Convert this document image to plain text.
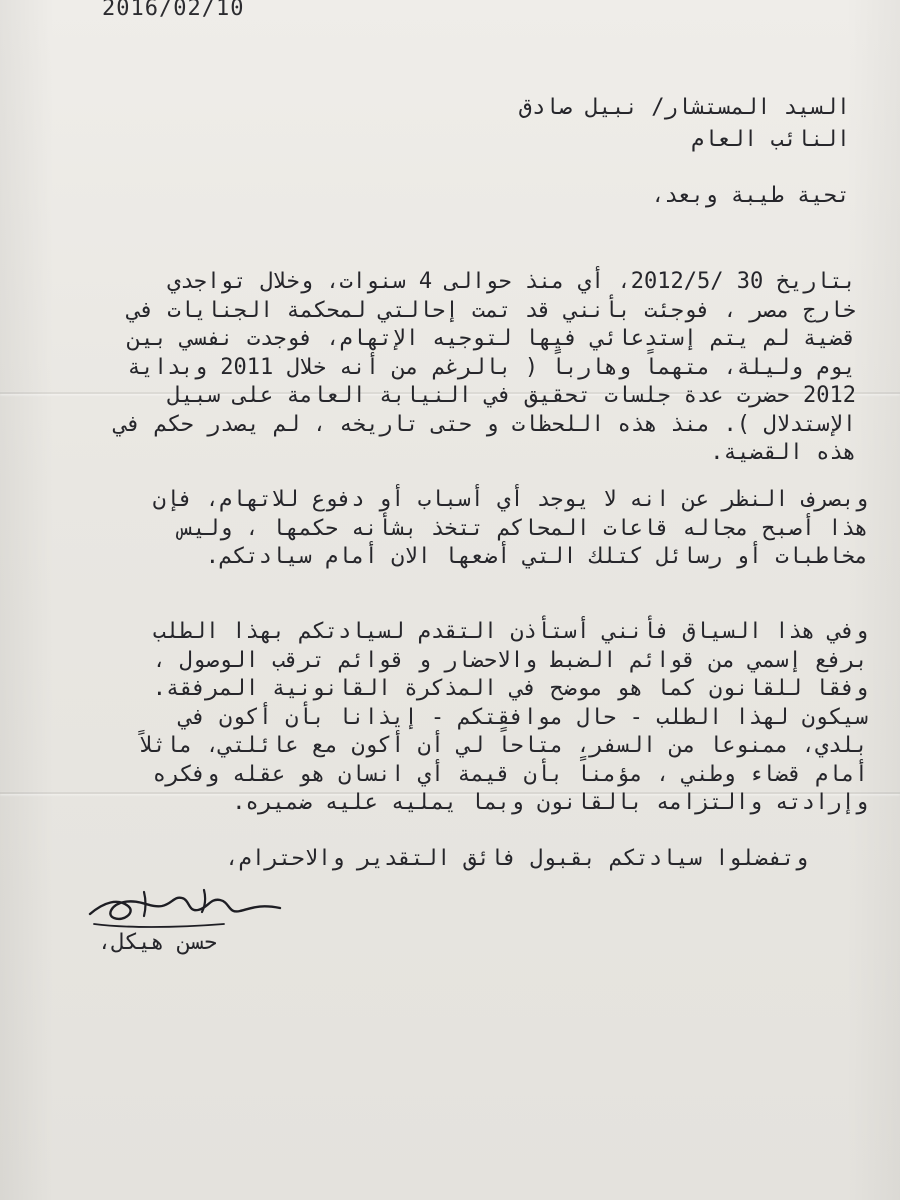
2016/02/10
السيد المستشار/ نبيل صادق
النائب العام
تحية طيبة وبعد،
بتاريخ 30 /2012/5، أي منذ حوالى 4 سنوات، وخلال تواجدي
خارج مصر ، فوجئت بأنني قد تمت إحالتي لمحكمة الجنايات في
قضية لم يتم إستدعائي فيها لتوجيه الإتهام، فوجدت نفسي بين
يوم وليلة، متهماً وهارباً ( بالرغم من أنه خلال 2011 وبداية
2012 حضرت عدة جلسات تحقيق في النيابة العامة على سبيل
الإستدلال ). منذ هذه اللحظات و حتى تاريخه ، لم يصدر حكم في
هذه القضية.
وبصرف النظر عن انه لا يوجد أي أسباب أو دفوع للاتهام، فإن
هذا أصبح مجاله قاعات المحاكم تتخذ بشأنه حكمها ، وليس
مخاطبات أو رسائل كتلك التي أضعها الان أمام سيادتكم.
وفي هذا السياق فأنني أستأذن التقدم لسيادتكم بهذا الطلب
برفع إسمي من قوائم الضبط والاحضار و قوائم ترقب الوصول ،
وفقا للقانون كما هو موضح في المذكرة القانونية المرفقة.
سيكون لهذا الطلب - حال موافقتكم - إيذانا بأن أكون في
بلدي، ممنوعا من السفر، متاحاً لي أن أكون مع عائلتي، ماثلاً
أمام قضاء وطني ، مؤمناً بأن قيمة أي انسان هو عقله وفكره
وإرادته والتزامه بالقانون وبما يمليه عليه ضميره.
وتفضلوا سيادتكم بقبول فائق التقدير والاحترام،
حسن هيكل،
